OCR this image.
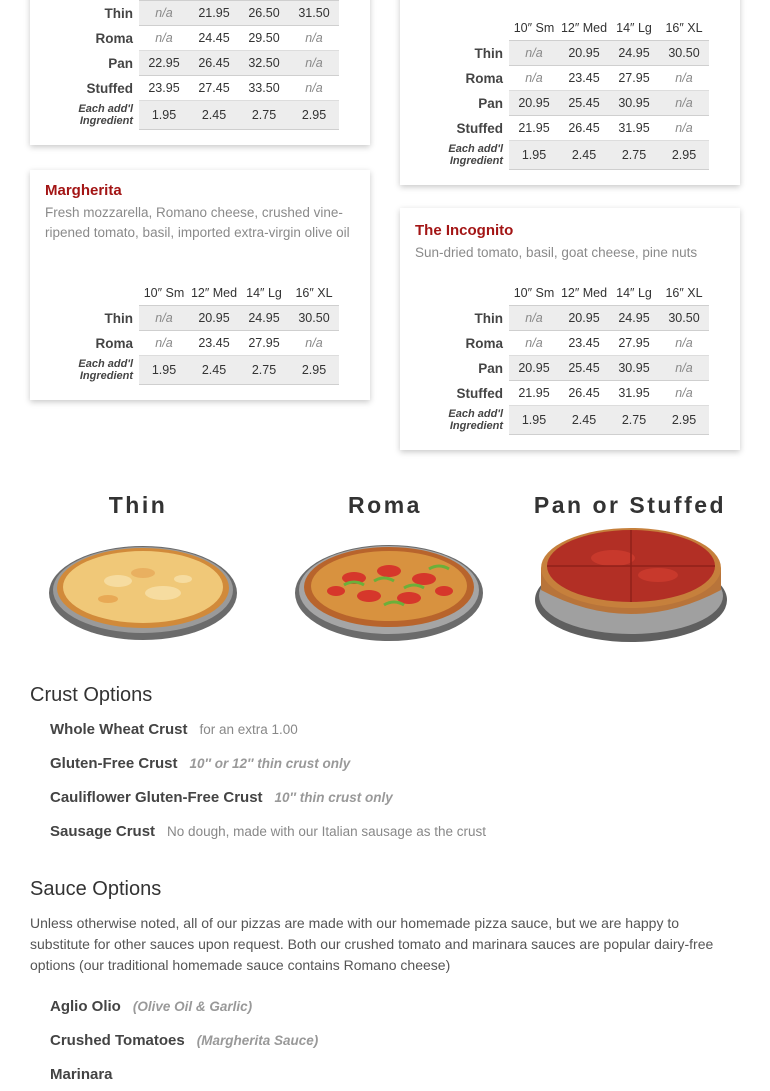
Thin	n/a	21.95	26.50	31.50
Roma	n/a	24.45	29.50	n/a
Pan	22.95	26.45	32.50	n/a
Stuffed	23.95	27.45	33.50	n/a
Each add'l
Ingredient	1.95	2.45	2.75	2.95
	10″ Sm	12″ Med	14″ Lg	16″ XL
Thin	n/a	20.95	24.95	30.50
Roma	n/a	23.45	27.95	n/a
Pan	20.95	25.45	30.95	n/a
Stuffed	21.95	26.45	31.95	n/a
Each add'l
Ingredient	1.95	2.45	2.75	2.95
Margherita
Fresh mozzarella, Romano cheese, crushed vine-ripened tomato, basil, imported extra-virgin olive oil
	10″ Sm	12″ Med	14″ Lg	16″ XL
Thin	n/a	20.95	24.95	30.50
Roma	n/a	23.45	27.95	n/a
Each add'l
Ingredient	1.95	2.45	2.75	2.95
The Incognito
Sun-dried tomato, basil, goat cheese, pine nuts
	10″ Sm	12″ Med	14″ Lg	16″ XL
Thin	n/a	20.95	24.95	30.50
Roma	n/a	23.45	27.95	n/a
Pan	20.95	25.45	30.95	n/a
Stuffed	21.95	26.45	31.95	n/a
Each add'l
Ingredient	1.95	2.45	2.75	2.95
Thin	Roma	Pan or Stuffed
Crust Options
Whole Wheat Crust for an extra 1.00
Gluten-Free Crust 10″ or 12″ thin crust only
Cauliflower Gluten-Free Crust 10″ thin crust only
Sausage Crust No dough, made with our Italian sausage as the crust
Sauce Options
Unless otherwise noted, all of our pizzas are made with our homemade pizza sauce, but we are happy to substitute for other sauces upon request. Both our crushed tomato and marinara sauces are popular dairy-free options (our traditional homemade sauce contains Romano cheese)
Aglio Olio (Olive Oil & Garlic)
Crushed Tomatoes (Margherita Sauce)
Marinara
